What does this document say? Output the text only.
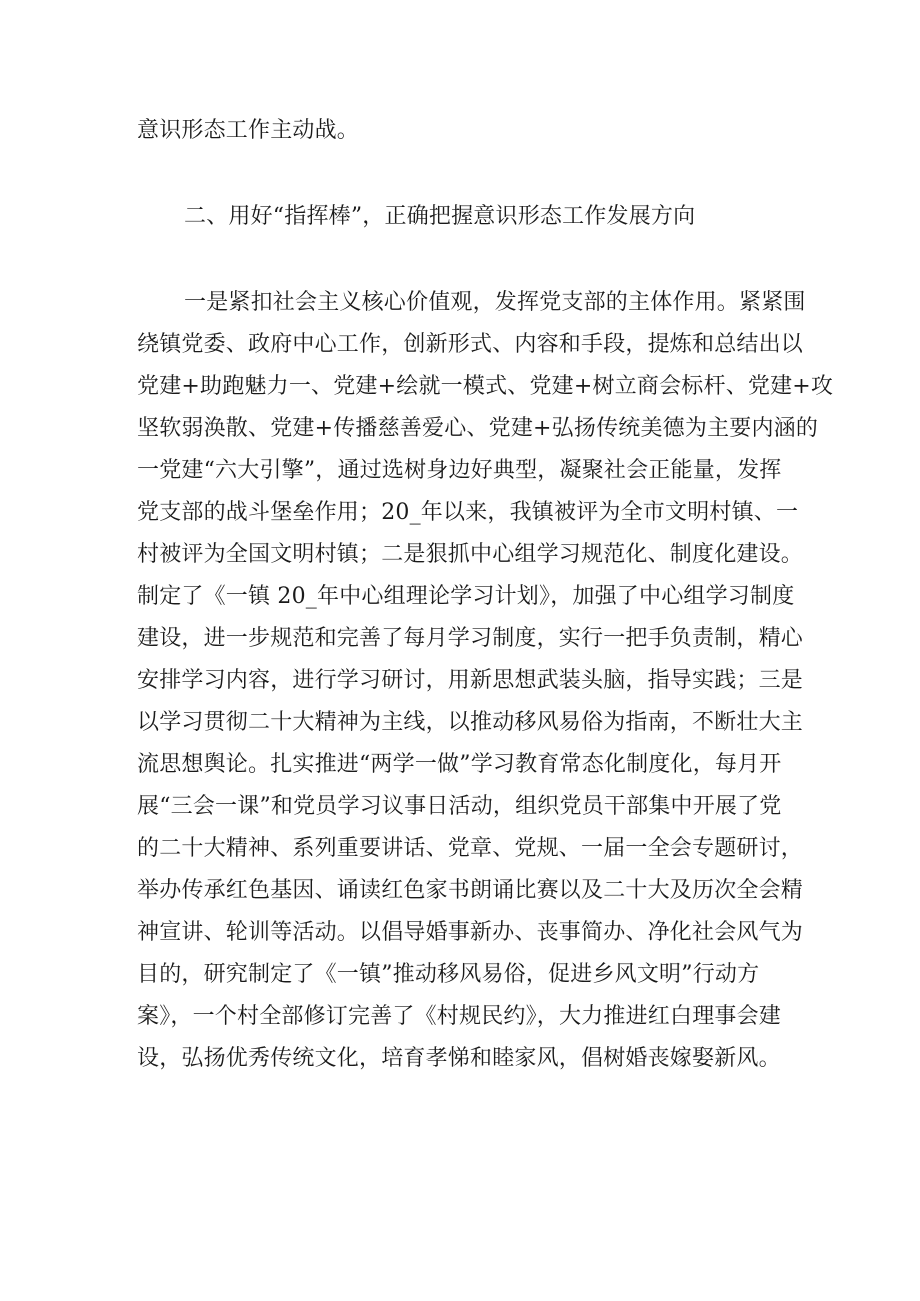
意识形态工作主动战。
二、用好“指挥棒”，正确把握意识形态工作发展方向
一是紧扣社会主义核心价值观，发挥党支部的主体作用。紧紧围
绕镇党委、政府中心工作，创新形式、内容和手段，提炼和总结出以
党建+助跑魅力一、党建+绘就一模式、党建+树立商会标杆、党建+攻
坚软弱涣散、党建+传播慈善爱心、党建+弘扬传统美德为主要内涵的
一党建“六大引擎”，通过选树身边好典型，凝聚社会正能量，发挥
党支部的战斗堡垒作用；20_年以来，我镇被评为全市文明村镇、一
村被评为全国文明村镇；二是狠抓中心组学习规范化、制度化建设。
制定了《一镇 20_年中心组理论学习计划》，加强了中心组学习制度
建设，进一步规范和完善了每月学习制度，实行一把手负责制，精心
安排学习内容，进行学习研讨，用新思想武装头脑，指导实践；三是
以学习贯彻二十大精神为主线，以推动移风易俗为指南，不断壮大主
流思想舆论。扎实推进“两学一做”学习教育常态化制度化，每月开
展“三会一课”和党员学习议事日活动，组织党员干部集中开展了党
的二十大精神、系列重要讲话、党章、党规、一届一全会专题研讨，
举办传承红色基因、诵读红色家书朗诵比赛以及二十大及历次全会精
神宣讲、轮训等活动。以倡导婚事新办、丧事简办、净化社会风气为
目的，研究制定了《一镇”推动移风易俗，促进乡风文明”行动方
案》，一个村全部修订完善了《村规民约》，大力推进红白理事会建
设，弘扬优秀传统文化，培育孝悌和睦家风，倡树婚丧嫁娶新风。
